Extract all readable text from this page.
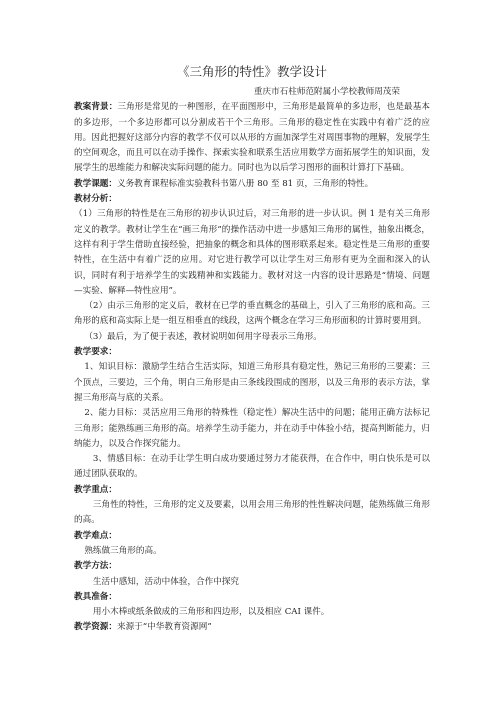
《三角形的特性》教学设计

重庆市石柱师范附属小学校教师周茂荣

教案背景：三角形是常见的一种图形，在平面图形中，三角形是最简单的多边形，也是最基本的多边形，一个多边形都可以分割成若干个三角形。三角形的稳定性在实践中有着广泛的应用。因此把握好这部分内容的教学不仅可以从形的方面加深学生对周围事物的理解，发展学生的空间观念，而且可以在动手操作、探索实验和联系生活应用数学方面拓展学生的知识面，发展学生的思维能力和解决实际问题的能力。同时也为以后学习图形的面积计算打下基础。

教学课题：义务教育课程标准实验教科书第八册 80 至 81 页，三角形的特性。

教材分析：

（1）三角形的特性是在三角形的初步认识过后，对三角形的进一步认识。例 1 是有关三角形定义的教学。教材让学生在“画三角形”的操作活动中进一步感知三角形的属性，抽象出概念，这样有利于学生借助直接经验，把抽象的概念和具体的图形联系起来。稳定性是三角形的重要特性，在生活中有着广泛的应用。对它进行教学可以让学生对三角形有更为全面和深入的认识，同时有利于培养学生的实践精神和实践能力。教材对这一内容的设计思路是“情境、问题—实验、解释—特性应用”。

（2）由示三角形的定义后，教材在已学的垂直概念的基础上，引入了三角形的底和高。三角形的底和高实际上是一组互相垂直的线段，这两个概念在学习三角形面积的计算时要用到。

（3）最后，为了便于表述，教材说明如何用字母表示三角形。

教学要求：

1、知识目标：激励学生结合生活实际，知道三角形具有稳定性，熟记三角形的三要素：三个顶点，三要边，三个角，明白三角形是由三条线段围成的图形，以及三角形的表示方法，掌握三角形高与底的关系。

2、能力目标：灵活应用三角形的特殊性（稳定性）解决生活中的问题；能用正确方法标记三角形；能熟练画三角形的高。培养学生动手能力，并在动手中体验小结，提高判断能力，归纳能力，以及合作探究能力。

3、情感目标：在动手让学生明白成功要通过努力才能获得，在合作中，明白快乐是可以通过团队获取的。

教学重点：

三角性的特性，三角形的定义及要素，以用会用三角形的性性解决问题，能熟练做三角形的高。

教学难点：

熟练做三角形的高。

教学方法：

生活中感知，活动中体验，合作中探究

教具准备：

用小木棒或纸条做成的三角形和四边形，以及相应 CAI 课件。

教学资源：来源于“中华教育资源网”
